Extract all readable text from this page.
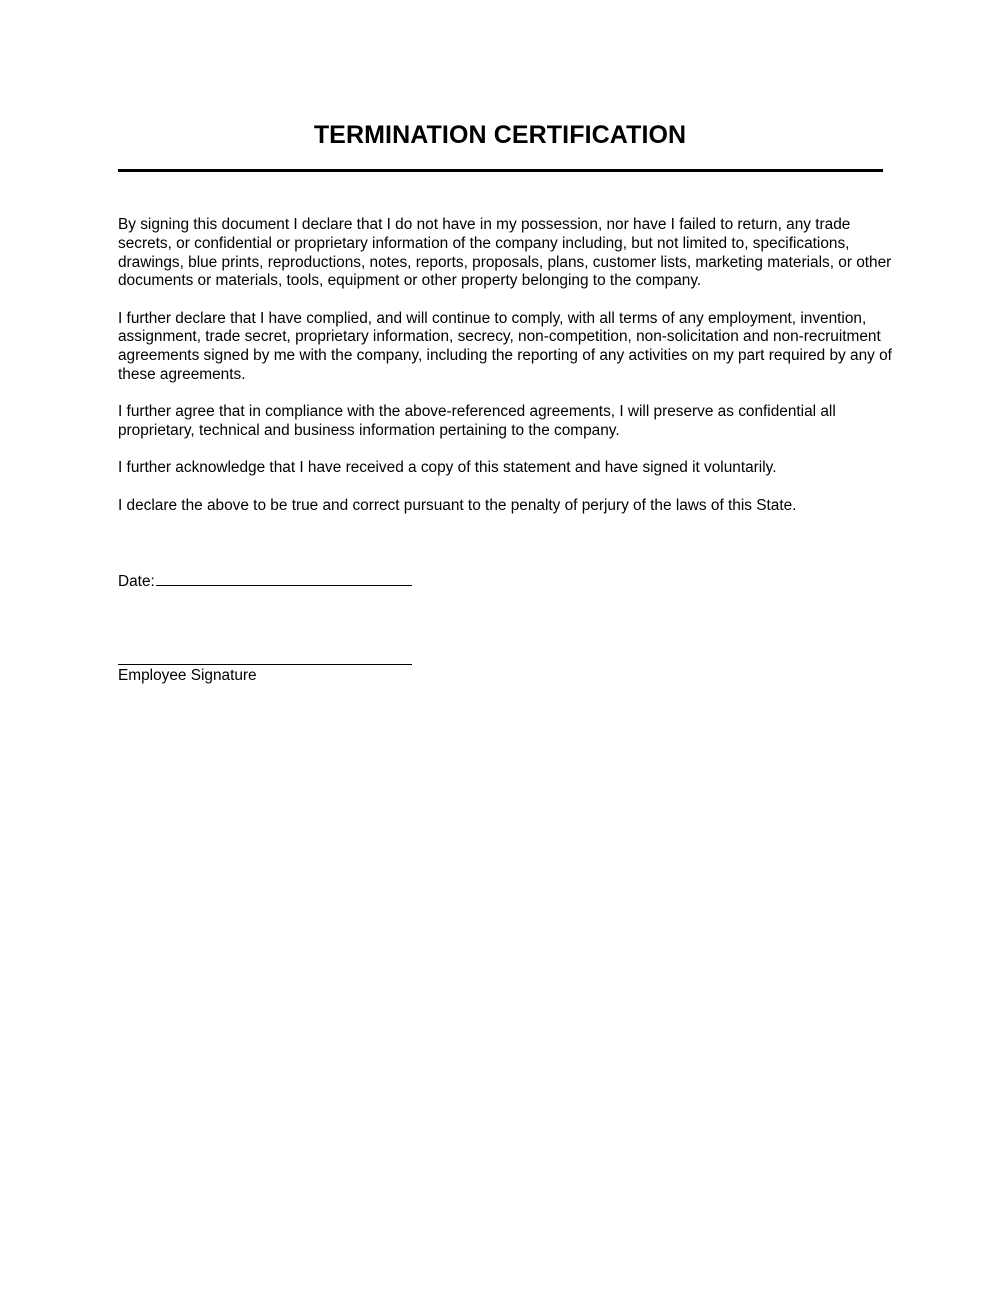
TERMINATION CERTIFICATION

By signing this document I declare that I do not have in my possession, nor have I failed to return, any trade secrets, or confidential or proprietary information of the company including, but not limited to, specifications, drawings, blue prints, reproductions, notes, reports, proposals, plans, customer lists, marketing materials, or other documents or materials, tools, equipment or other property belonging to the company.

I further declare that I have complied, and will continue to comply, with all terms of any employment, invention, assignment, trade secret, proprietary information, secrecy, non-competition, non-solicitation and non-recruitment agreements signed by me with the company, including the reporting of any activities on my part required by any of these agreements.

I further agree that in compliance with the above-referenced agreements, I will preserve as confidential all proprietary, technical and business information pertaining to the company.

I further acknowledge that I have received a copy of this statement and have signed it voluntarily.

I declare the above to be true and correct pursuant to the penalty of perjury of the laws of this State.

Date:
Employee Signature
